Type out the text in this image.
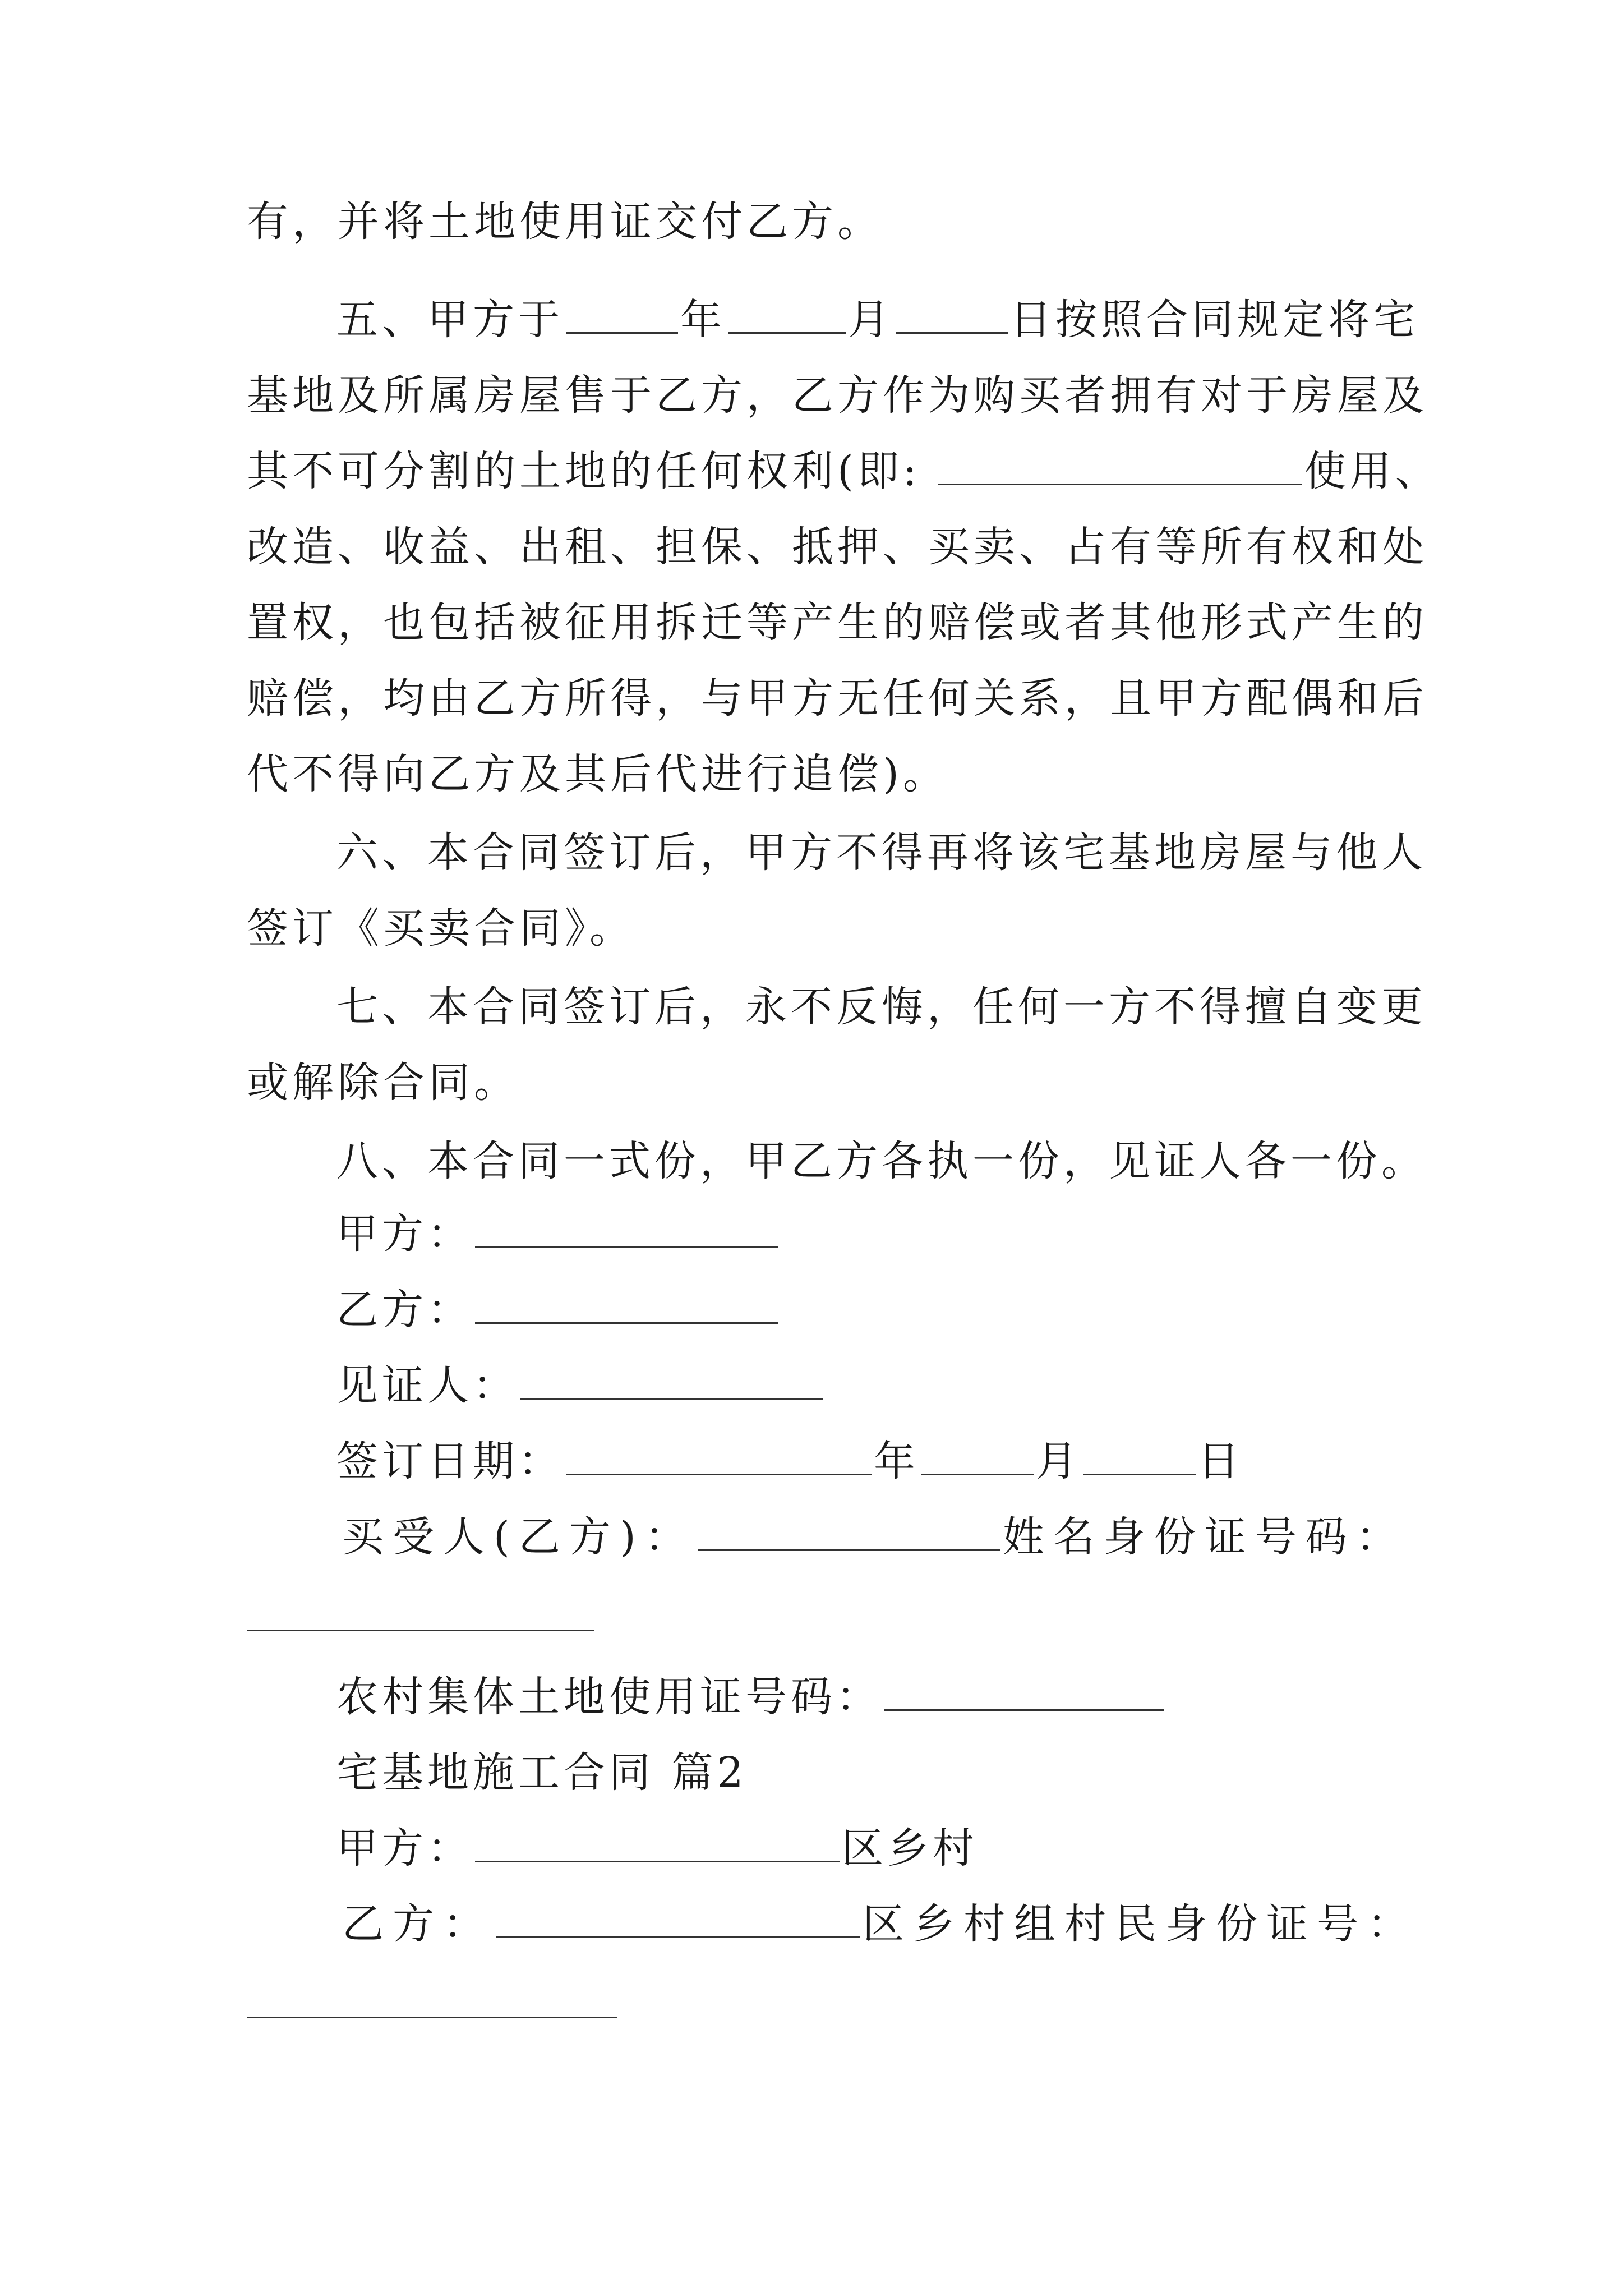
有，并将土地使用证交付乙方。
五、甲方于	年	月	日按照合同规定将宅
基地及所属房屋售于乙方，乙方作为购买者拥有对于房屋及
其不可分割的土地的任何权利(即:	使用、
改造、收益、出租、担保、抵押、买卖、占有等所有权和处
置权，也包括被征用拆迁等产生的赔偿或者其他形式产生的
赔偿，均由乙方所得，与甲方无任何关系，且甲方配偶和后
代不得向乙方及其后代进行追偿)。
六、本合同签订后，甲方不得再将该宅基地房屋与他人
签订《买卖合同》。
七、本合同签订后，永不反悔，任何一方不得擅自变更
或解除合同。
八、本合同一式份，甲乙方各执一份，见证人各一份。
甲方：
乙方：
见证人：
签订日期：	年	月	日
买受人(乙方)：	姓名身份证号码：
农村集体土地使用证号码：
宅基地施工合同 篇2
甲方：	区乡村
乙方：	区乡村组村民身份证号：
